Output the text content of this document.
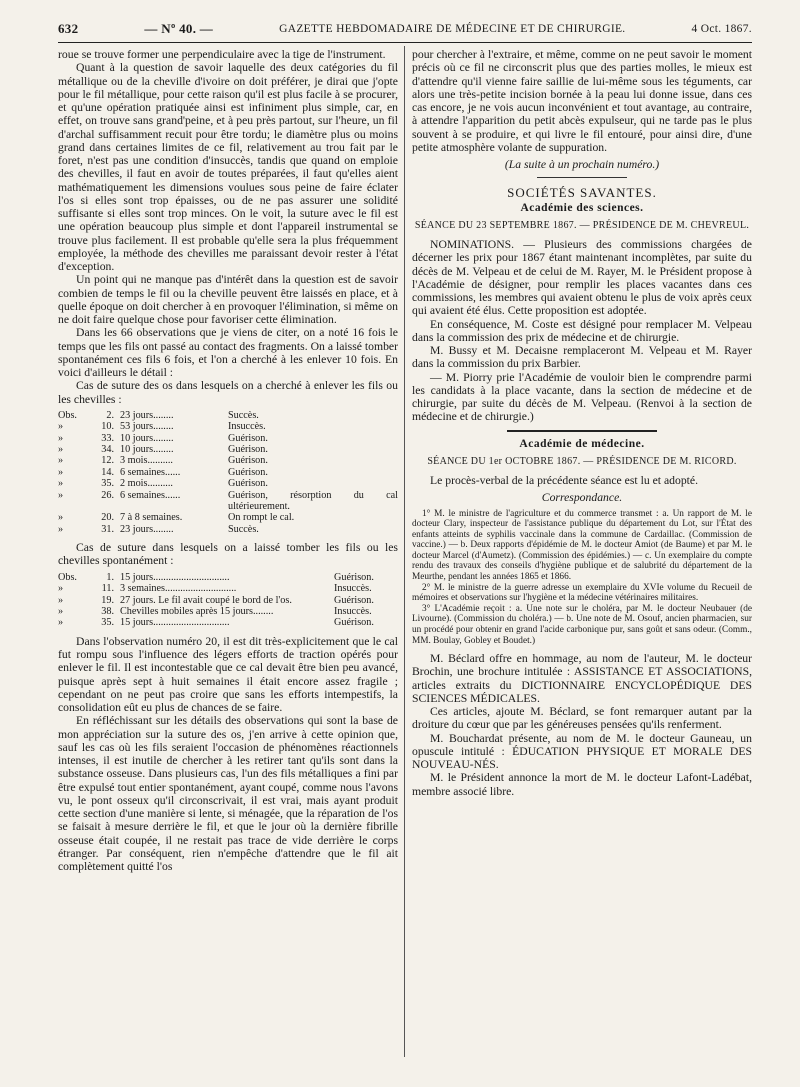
632	— Nº 40. —	GAZETTE HEBDOMADAIRE DE MÉDECINE ET DE CHIRURGIE.	4 Oct. 1867.

roue se trouve former une perpendiculaire avec la tige de l'instrument.

Quant à la question de savoir laquelle des deux catégories du fil métallique ou de la cheville d'ivoire on doit préférer, je dirai que j'opte pour le fil métallique, pour cette raison qu'il est plus facile à se procurer, et qu'une opération pratiquée ainsi est infiniment plus simple, car, en effet, on trouve sans grand'peine, et à peu près partout, sur l'heure, un fil d'archal suffisamment recuit pour être tordu; le diamètre plus ou moins grand dans certaines limites de ce fil, relativement au trou fait par le foret, n'est pas une condition d'insuccès, tandis que quand on emploie des chevilles, il faut en avoir de toutes préparées, il faut qu'elles aient mathématiquement les dimensions voulues sous peine de faire éclater l'os si elles sont trop épaisses, ou de ne pas assurer une solidité suffisante si elles sont trop minces. On le voit, la suture avec le fil est une opération beaucoup plus simple et dont l'appareil instrumental se trouve plus facilement. Il est probable qu'elle sera la plus fréquemment employée, la méthode des chevilles me paraissant devoir rester à l'état d'exception.

Un point qui ne manque pas d'intérêt dans la question est de savoir combien de temps le fil ou la cheville peuvent être laissés en place, et à quelle époque on doit chercher à en provoquer l'élimination, si même on ne doit faire quelque chose pour favoriser cette élimination.

Dans les 66 observations que je viens de citer, on a noté 16 fois le temps que les fils ont passé au contact des fragments. On a laissé tomber spontanément ces fils 6 fois, et l'on a cherché à les enlever 10 fois. En voici d'ailleurs le détail :

Cas de suture des os dans lesquels on a cherché à enlever les fils ou les chevilles :

Obs.	2. 23 jours........	Succès.
»	10. 53 jours........	Insuccès.
»	33. 10 jours........	Guérison.
»	34. 10 jours........	Guérison.
»	12. 3 mois..........	Guérison.
»	14. 6 semaines......	Guérison.
»	35. 2 mois..........	Guérison.
»	26. 6 semaines......	Guérison, résorption du cal ultérieurement.
»	20. 7 à 8 semaines.	On rompt le cal.
»	31. 23 jours........	Succès.

Cas de suture dans lesquels on a laissé tomber les fils ou les chevilles spontanément :

Obs.	1. 15 jours..............................	Guérison.
»	11. 3 semaines............................	Insuccès.
»	19. 27 jours. Le fil avait coupé le bord de l'os.	Guérison.
»	38. Chevilles mobiles après 15 jours........	Insuccès.
»	35. 15 jours..............................	Guérison.

Dans l'observation numéro 20, il est dit très-explicitement que le cal fut rompu sous l'influence des légers efforts de traction opérés pour enlever le fil. Il est incontestable que ce cal devait être bien peu avancé, puisque après sept à huit semaines il était encore assez fragile ; cependant on ne peut pas croire que sans les efforts intempestifs, la consolidation eût eu plus de chances de se faire.

En réfléchissant sur les détails des observations qui sont la base de mon appréciation sur la suture des os, j'en arrive à cette opinion que, sauf les cas où les fils seraient l'occasion de phénomènes réactionnels intenses, il est inutile de chercher à les retirer tant qu'ils sont dans la substance osseuse. Dans plusieurs cas, l'un des fils métalliques a fini par être expulsé tout entier spontanément, ayant coupé, comme nous l'avons vu, le pont osseux qu'il circonscrivait, il est vrai, mais ayant produit cette section d'une manière si lente, si ménagée, que la réparation de l'os se faisait à mesure derrière le fil, et que le jour où la dernière fibrille osseuse était coupée, il ne restait pas trace de vide derrière le corps étranger. Par conséquent, rien n'empêche d'attendre que le fil ait complètement quitté l'os

pour chercher à l'extraire, et même, comme on ne peut savoir le moment précis où ce fil ne circonscrit plus que des parties molles, le mieux est d'attendre qu'il vienne faire saillie de lui-même sous les téguments, car alors une très-petite incision bornée à la peau lui donne issue, dans ces cas encore, je ne vois aucun inconvénient et tout avantage, au contraire, à attendre l'apparition du petit abcès expulseur, qui ne tarde pas le plus souvent à se produire, et qui livre le fil entouré, pour ainsi dire, d'une petite atmosphère volante de suppuration.

(La suite à un prochain numéro.)

SOCIÉTÉS SAVANTES.
Académie des sciences.
SÉANCE DU 23 SEPTEMBRE 1867. — PRÉSIDENCE DE M. CHEVREUL.

NOMINATIONS. — Plusieurs des commissions chargées de décerner les prix pour 1867 étant maintenant incomplètes, par suite du décès de M. Velpeau et de celui de M. Rayer, M. le Président propose à l'Académie de désigner, pour remplir les places vacantes dans ces commissions, les membres qui avaient obtenu le plus de voix après ceux qui avaient été élus. Cette proposition est adoptée.

En conséquence, M. Coste est désigné pour remplacer M. Velpeau dans la commission des prix de médecine et de chirurgie.

M. Bussy et M. Decaisne remplaceront M. Velpeau et M. Rayer dans la commission du prix Barbier.

— M. Piorry prie l'Académie de vouloir bien le comprendre parmi les candidats à la place vacante, dans la section de médecine et de chirurgie, par suite du décès de M. Velpeau. (Renvoi à la section de médecine et de chirurgie.)

Académie de médecine.
SÉANCE DU 1er OCTOBRE 1867. — PRÉSIDENCE DE M. RICORD.

Le procès-verbal de la précédente séance est lu et adopté.

Correspondance.

1° M. le ministre de l'agriculture et du commerce transmet : a. Un rapport de M. le docteur Clary, inspecteur de l'assistance publique du département du Lot, sur l'État des enfants atteints de syphilis vaccinale dans la commune de Cardaillac. (Commission de vaccine.) — b. Deux rapports d'épidémie de M. le docteur Amiot (de Baume) et par M. le docteur Marcel (d'Aumetz). (Commission des épidémies.) — c. Un exemplaire du compte rendu des travaux des conseils d'hygiène publique et de salubrité du département de la Meurthe, pendant les années 1865 et 1866.

2° M. le ministre de la guerre adresse un exemplaire du XVIe volume du Recueil de mémoires et observations sur l'hygiène et la médecine vétérinaires militaires.

3° L'Académie reçoit : a. Une note sur le choléra, par M. le docteur Neubauer (de Livourne). (Commission du choléra.) — b. Une note de M. Osouf, ancien pharmacien, sur un procédé pour obtenir en grand l'acide carbonique pur, sans goût et sans odeur. (Comm., MM. Boulay, Gobley et Boudet.)

M. Béclard offre en hommage, au nom de l'auteur, M. le docteur Brochin, une brochure intitulée : ASSISTANCE ET ASSOCIATIONS, articles extraits du DICTIONNAIRE ENCYCLOPÉDIQUE DES SCIENCES MÉDICALES.

Ces articles, ajoute M. Béclard, se font remarquer autant par la droiture du cœur que par les généreuses pensées qu'ils renferment.

M. Bouchardat présente, au nom de M. le docteur Gauneau, un opuscule intitulé : ÉDUCATION PHYSIQUE ET MORALE DES NOUVEAU-NÉS.

M. le Président annonce la mort de M. le docteur Lafont-Ladébat, membre associé libre.
